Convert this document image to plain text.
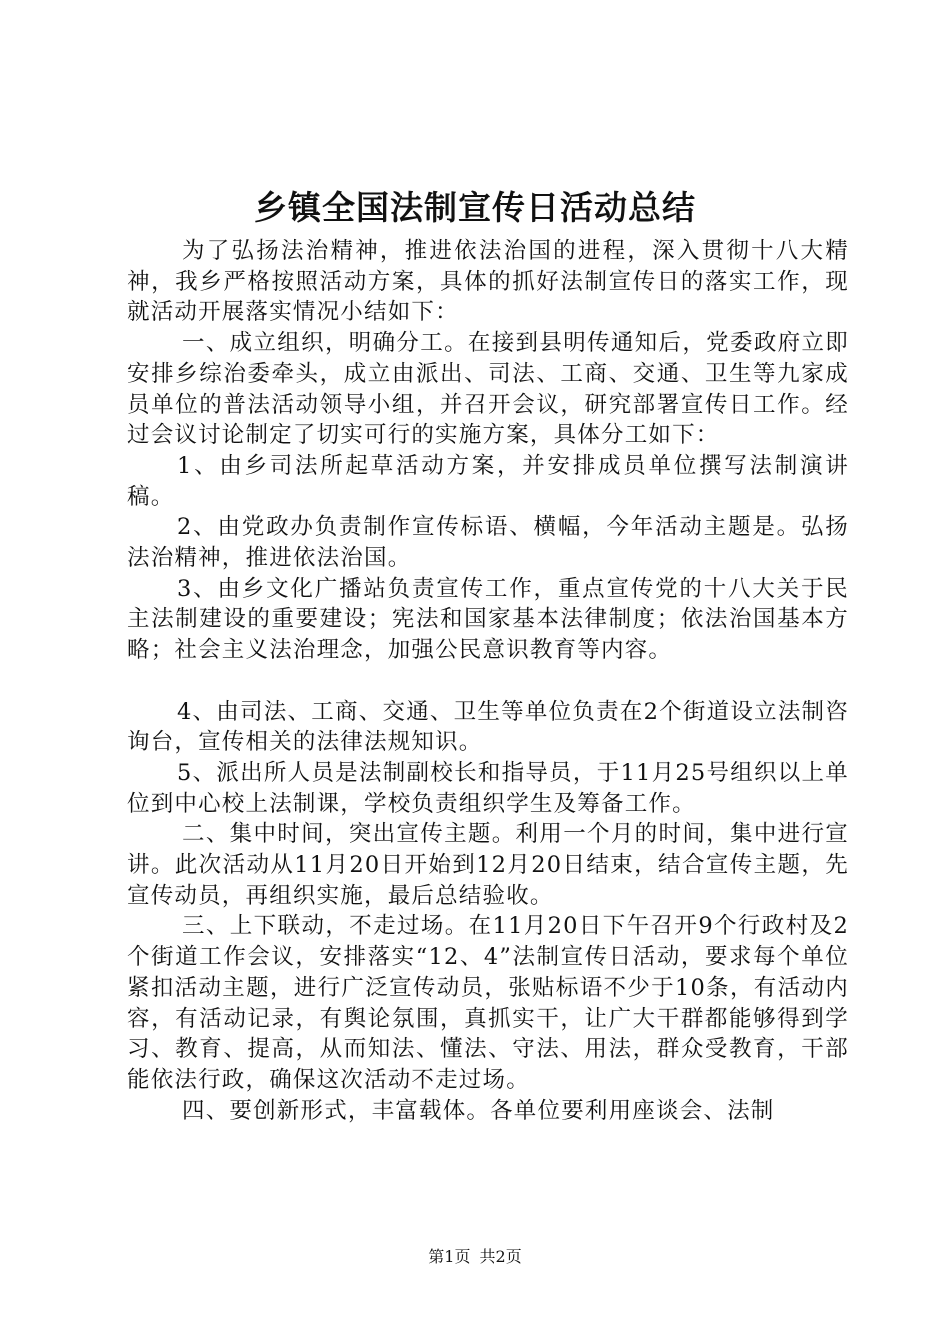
乡镇全国法制宣传日活动总结

为了弘扬法治精神，推进依法治国的进程，深入贯彻十八大精神，我乡严格按照活动方案，具体的抓好法制宣传日的落实工作，现就活动开展落实情况小结如下：

一、成立组织，明确分工。在接到县明传通知后，党委政府立即安排乡综治委牵头，成立由派出、司法、工商、交通、卫生等九家成员单位的普法活动领导小组，并召开会议，研究部署宣传日工作。经过会议讨论制定了切实可行的实施方案，具体分工如下：

1、由乡司法所起草活动方案，并安排成员单位撰写法制演讲稿。

2、由党政办负责制作宣传标语、横幅，今年活动主题是。弘扬法治精神，推进依法治国。

3、由乡文化广播站负责宣传工作，重点宣传党的十八大关于民主法制建设的重要建设；宪法和国家基本法律制度；依法治国基本方略；社会主义法治理念，加强公民意识教育等内容。

4、由司法、工商、交通、卫生等单位负责在2个街道设立法制咨询台，宣传相关的法律法规知识。

5、派出所人员是法制副校长和指导员，于11月25号组织以上单位到中心校上法制课，学校负责组织学生及筹备工作。

二、集中时间，突出宣传主题。利用一个月的时间，集中进行宣讲。此次活动从11月20日开始到12月20日结束，结合宣传主题，先宣传动员，再组织实施，最后总结验收。

三、上下联动，不走过场。在11月20日下午召开9个行政村及2个街道工作会议，安排落实“12、4”法制宣传日活动，要求每个单位紧扣活动主题，进行广泛宣传动员，张贴标语不少于10条，有活动内容，有活动记录，有舆论氛围，真抓实干，让广大干群都能够得到学习、教育、提高，从而知法、懂法、守法、用法，群众受教育，干部能依法行政，确保这次活动不走过场。

四、要创新形式，丰富载体。各单位要利用座谈会、法制

第1页 共2页
